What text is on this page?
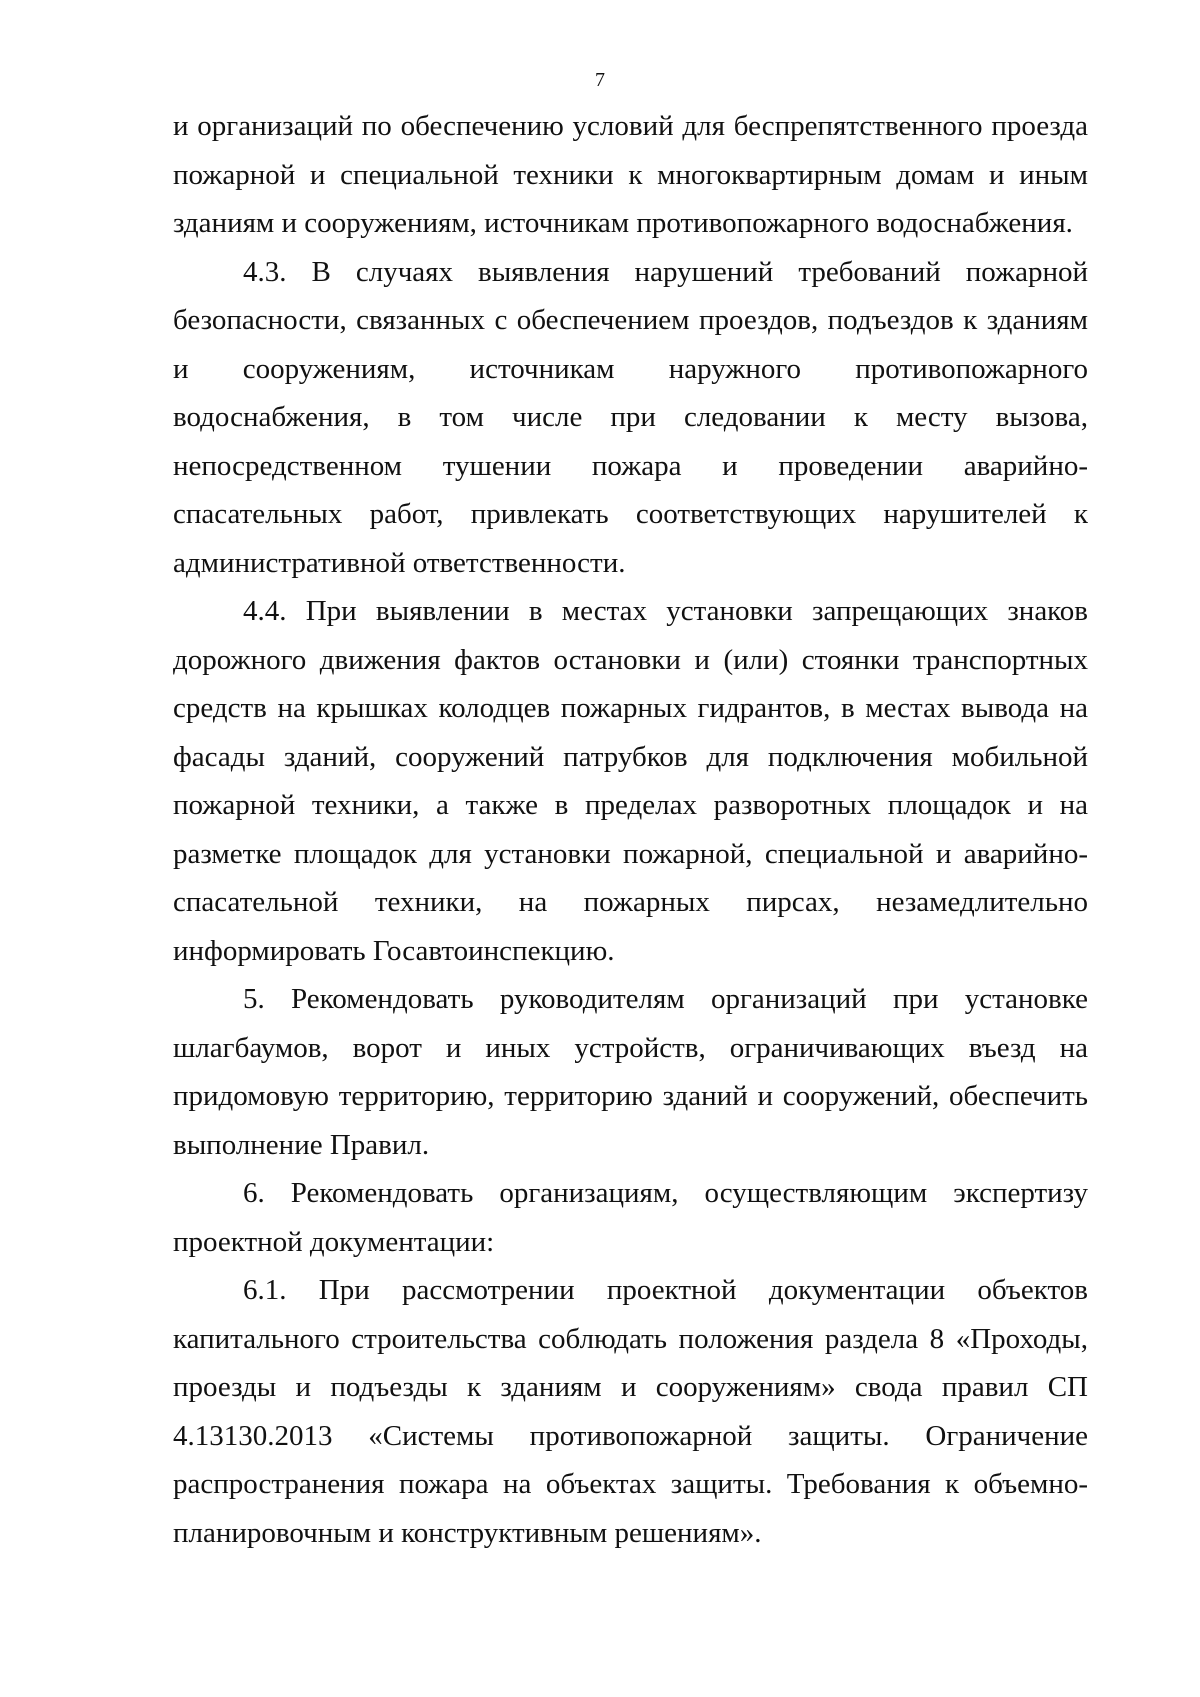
7

и организаций по обеспечению условий для беспрепятственного проезда пожарной и специальной техники к многоквартирным домам и иным зданиям и сооружениям, источникам противопожарного водоснабжения.

4.3. В случаях выявления нарушений требований пожарной безопасности, связанных с обеспечением проездов, подъездов к зданиям и сооружениям, источникам наружного противопожарного водоснабжения, в том числе при следовании к месту вызова, непосредственном тушении пожара и проведении аварийно-спасательных работ, привлекать соответствующих нарушителей к административной ответственности.

4.4. При выявлении в местах установки запрещающих знаков дорожного движения фактов остановки и (или) стоянки транспортных средств на крышках колодцев пожарных гидрантов, в местах вывода на фасады зданий, сооружений патрубков для подключения мобильной пожарной техники, а также в пределах разворотных площадок и на разметке площадок для установки пожарной, специальной и аварийно-спасательной техники, на пожарных пирсах, незамедлительно информировать Госавтоинспекцию.

5. Рекомендовать руководителям организаций при установке шлагбаумов, ворот и иных устройств, ограничивающих въезд на придомовую территорию, территорию зданий и сооружений, обеспечить выполнение Правил.

6. Рекомендовать организациям, осуществляющим экспертизу проектной документации:

6.1. При рассмотрении проектной документации объектов капитального строительства соблюдать положения раздела 8 «Проходы, проезды и подъезды к зданиям и сооружениям» свода правил СП 4.13130.2013 «Системы противопожарной защиты. Ограничение распространения пожара на объектах защиты. Требования к объемно-планировочным и конструктивным решениям».
